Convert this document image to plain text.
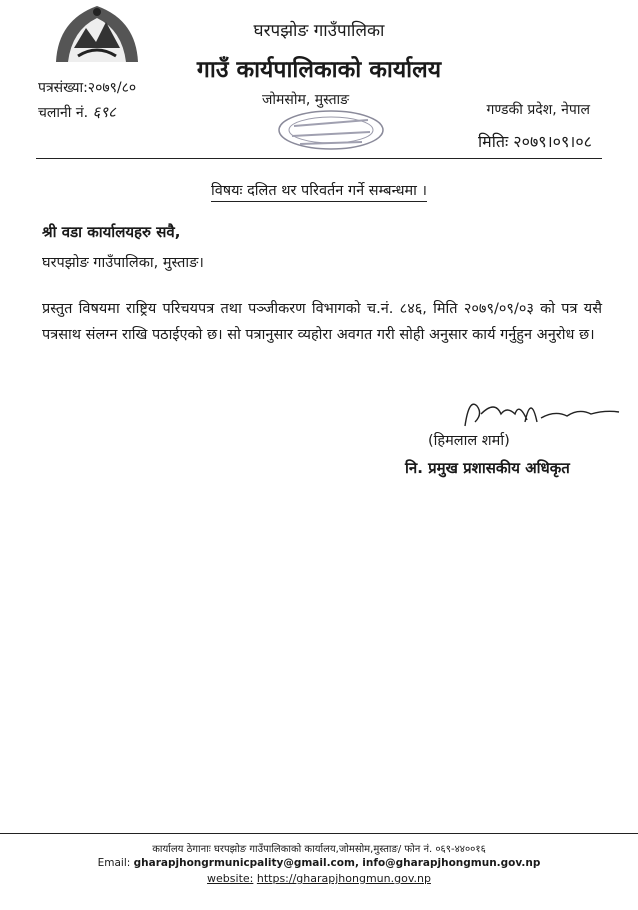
घरपझोङ गाउँपालिका
गाउँ कार्यपालिकाको कार्यालय
पत्रसंख्या:२०७९/८०
चलानी नं. ६९८
जोमसोम, मुस्ताङ
गण्डकी प्रदेश, नेपाल
मितिः २०७९।०९।०८
विषयः दलित थर परिवर्तन गर्ने सम्बन्धमा ।
श्री वडा कार्यालयहरु सवै,
घरपझोङ गाउँपालिका, मुस्ताङ।
प्रस्तुत विषयमा राष्ट्रिय परिचयपत्र तथा पञ्जीकरण विभागको च.नं. ८४६, मिति २०७९/०९/०३ को पत्र यसै पत्रसाथ संलग्न राखि पठाईएको छ। सो पत्रानुसार व्यहोरा अवगत गरी सोही अनुसार कार्य गर्नुहुन अनुरोध छ।
(हिमलाल शर्मा)
नि. प्रमुख प्रशासकीय अधिकृत
कार्यालय ठेगानाः घरपझोङ गाउँपालिकाको कार्यालय,जोमसोम,मुस्ताङ/ फोन नं. ०६९-४४००१६
Email: gharapjhongrmunicpality@gmail.com, info@gharapjhongmun.gov.np
website: https://gharapjhongmun.gov.np
